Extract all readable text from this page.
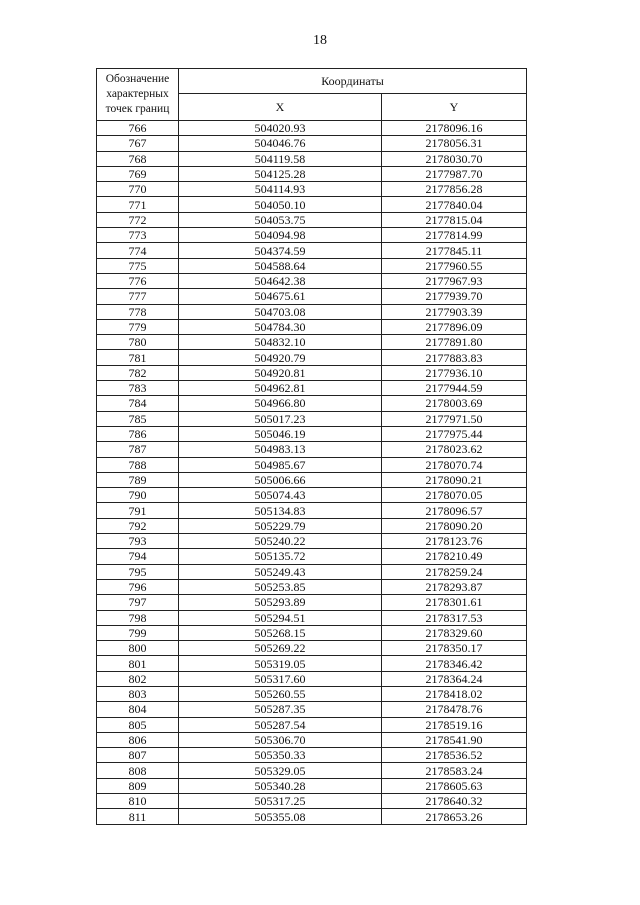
18
Обозначение характерных точек границ	Координаты	
	X	Y
766	504020.93	2178096.16
767	504046.76	2178056.31
768	504119.58	2178030.70
769	504125.28	2177987.70
770	504114.93	2177856.28
771	504050.10	2177840.04
772	504053.75	2177815.04
773	504094.98	2177814.99
774	504374.59	2177845.11
775	504588.64	2177960.55
776	504642.38	2177967.93
777	504675.61	2177939.70
778	504703.08	2177903.39
779	504784.30	2177896.09
780	504832.10	2177891.80
781	504920.79	2177883.83
782	504920.81	2177936.10
783	504962.81	2177944.59
784	504966.80	2178003.69
785	505017.23	2177971.50
786	505046.19	2177975.44
787	504983.13	2178023.62
788	504985.67	2178070.74
789	505006.66	2178090.21
790	505074.43	2178070.05
791	505134.83	2178096.57
792	505229.79	2178090.20
793	505240.22	2178123.76
794	505135.72	2178210.49
795	505249.43	2178259.24
796	505253.85	2178293.87
797	505293.89	2178301.61
798	505294.51	2178317.53
799	505268.15	2178329.60
800	505269.22	2178350.17
801	505319.05	2178346.42
802	505317.60	2178364.24
803	505260.55	2178418.02
804	505287.35	2178478.76
805	505287.54	2178519.16
806	505306.70	2178541.90
807	505350.33	2178536.52
808	505329.05	2178583.24
809	505340.28	2178605.63
810	505317.25	2178640.32
811	505355.08	2178653.26
